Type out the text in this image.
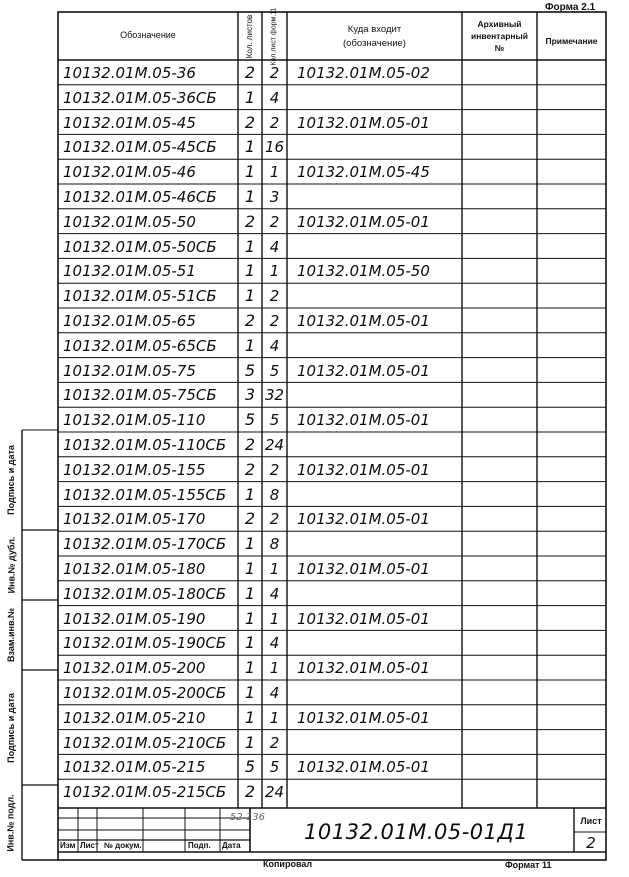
Форма 2.1
Обозначение	Кол. листов Кол.лист форм.11	Куда входит
(обозначение)
Архивный
инвентарный
№
Примечание
10132.01M.05-36	2 2	10132.01M.05-02
10132.01M.05-36СБ	1 4
10132.01M.05-45	2 2	10132.01M.05-01
10132.01M.05-45СБ	1 16
10132.01M.05-46	1 1	10132.01M.05-45
10132.01M.05-46СБ	1 3
10132.01M.05-50	2 2	10132.01M.05-01
10132.01M.05-50СБ	1 4
10132.01M.05-51	1 1	10132.01M.05-50
10132.01M.05-51СБ	1 2
10132.01M.05-65	2 2	10132.01M.05-01
10132.01M.05-65СБ	1 4
10132.01M.05-75	5 5	10132.01M.05-01
10132.01M.05-75СБ	3 32
10132.01M.05-110	5 5	10132.01M.05-01
10132.01M.05-110СБ	2 24
10132.01M.05-155	2 2	10132.01M.05-01
10132.01M.05-155СБ	1 8
10132.01M.05-170	2 2	10132.01M.05-01
10132.01M.05-170СБ	1 8
10132.01M.05-180	1 1	10132.01M.05-01
10132.01M.05-180СБ	1 4
10132.01M.05-190	1 1	10132.01M.05-01
10132.01M.05-190СБ	1 4
10132.01M.05-200	1 1	10132.01M.05-01
10132.01M.05-200СБ	1 4
10132.01M.05-210	1 1	10132.01M.05-01
10132.01M.05-210СБ	1 2
10132.01M.05-215	5 5	10132.01M.05-01
10132.01M.05-215СБ	2 24
Подпись и дата
Инв.№ дубл.
Взам.инв.№
Подпись и дата
Инв.№ подл.	Изм Лист № докум.	Подп. Дата
52 136
10132.01M.05-01Д1	Лист
2
Копировал	Формат 11
